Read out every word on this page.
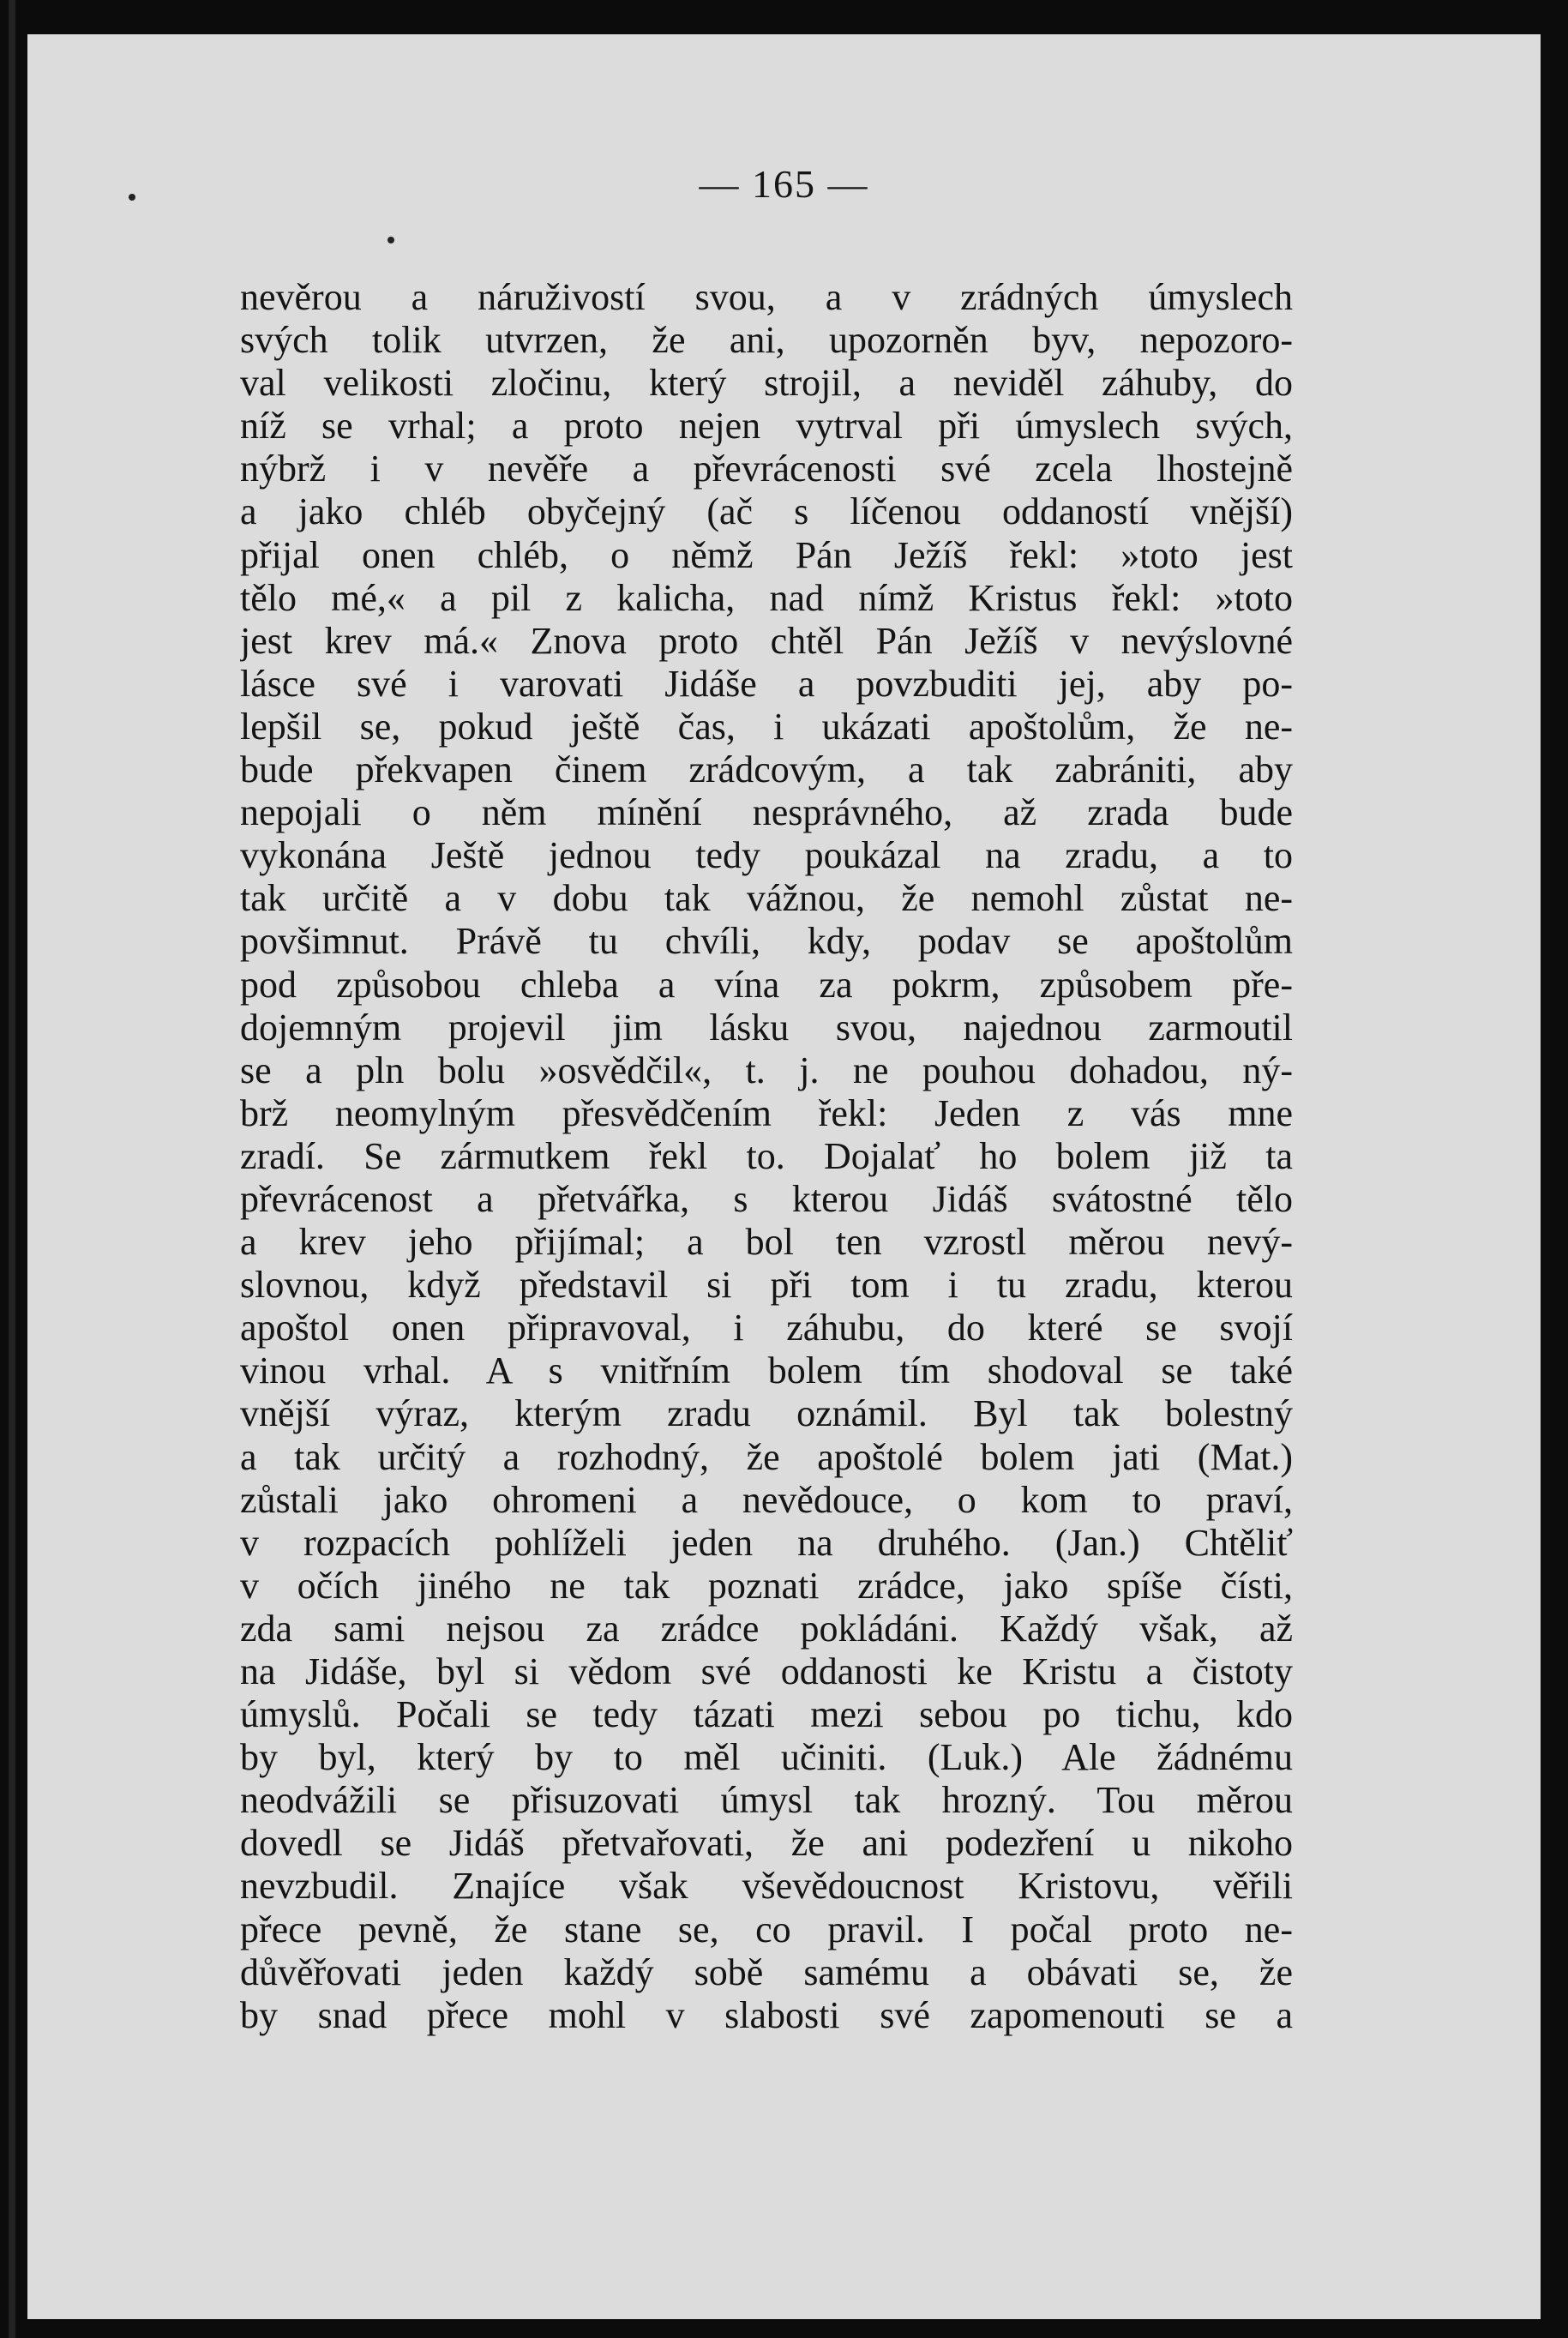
— 165 —
nevěrou a náruživostí svou, a v zrádných úmyslech
svých tolik utvrzen, že ani, upozorněn byv, nepozoro-
val velikosti zločinu, který strojil, a neviděl záhuby, do
níž se vrhal; a proto nejen vytrval při úmyslech svých,
nýbrž i v nevěře a převrácenosti své zcela lhostejně
a jako chléb obyčejný (ač s líčenou oddaností vnější)
přijal onen chléb, o němž Pán Ježíš řekl: »toto jest
tělo mé,« a pil z kalicha, nad nímž Kristus řekl: »toto
jest krev má.« Znova proto chtěl Pán Ježíš v nevýslovné
lásce své i varovati Jidáše a povzbuditi jej, aby po-
lepšil se, pokud ještě čas, i ukázati apoštolům, že ne-
bude překvapen činem zrádcovým, a tak zabrániti, aby
nepojali o něm mínění nesprávného, až zrada bude
vykonána Ještě jednou tedy poukázal na zradu, a to
tak určitě a v dobu tak vážnou, že nemohl zůstat ne-
povšimnut. Právě tu chvíli, kdy, podav se apoštolům
pod způsobou chleba a vína za pokrm, způsobem pře-
dojemným projevil jim lásku svou, najednou zarmoutil
se a pln bolu »osvědčil«, t. j. ne pouhou dohadou, ný-
brž neomylným přesvědčením řekl: Jeden z vás mne
zradí. Se zármutkem řekl to. Dojalať ho bolem již ta
převrácenost a přetvářka, s kterou Jidáš svátostné tělo
a krev jeho přijímal; a bol ten vzrostl měrou nevý-
slovnou, když představil si při tom i tu zradu, kterou
apoštol onen připravoval, i záhubu, do které se svojí
vinou vrhal. A s vnitřním bolem tím shodoval se také
vnější výraz, kterým zradu oznámil. Byl tak bolestný
a tak určitý a rozhodný, že apoštolé bolem jati (Mat.)
zůstali jako ohromeni a nevědouce, o kom to praví,
v rozpacích pohlíželi jeden na druhého. (Jan.) Chtěliť
v očích jiného ne tak poznati zrádce, jako spíše čísti,
zda sami nejsou za zrádce pokládáni. Každý však, až
na Jidáše, byl si vědom své oddanosti ke Kristu a čistoty
úmyslů. Počali se tedy tázati mezi sebou po tichu, kdo
by byl, který by to měl učiniti. (Luk.) Ale žádnému
neodvážili se přisuzovati úmysl tak hrozný. Tou měrou
dovedl se Jidáš přetvařovati, že ani podezření u nikoho
nevzbudil. Znajíce však vševědoucnost Kristovu, věřili
přece pevně, že stane se, co pravil. I počal proto ne-
důvěřovati jeden každý sobě samému a obávati se, že
by snad přece mohl v slabosti své zapomenouti se a
